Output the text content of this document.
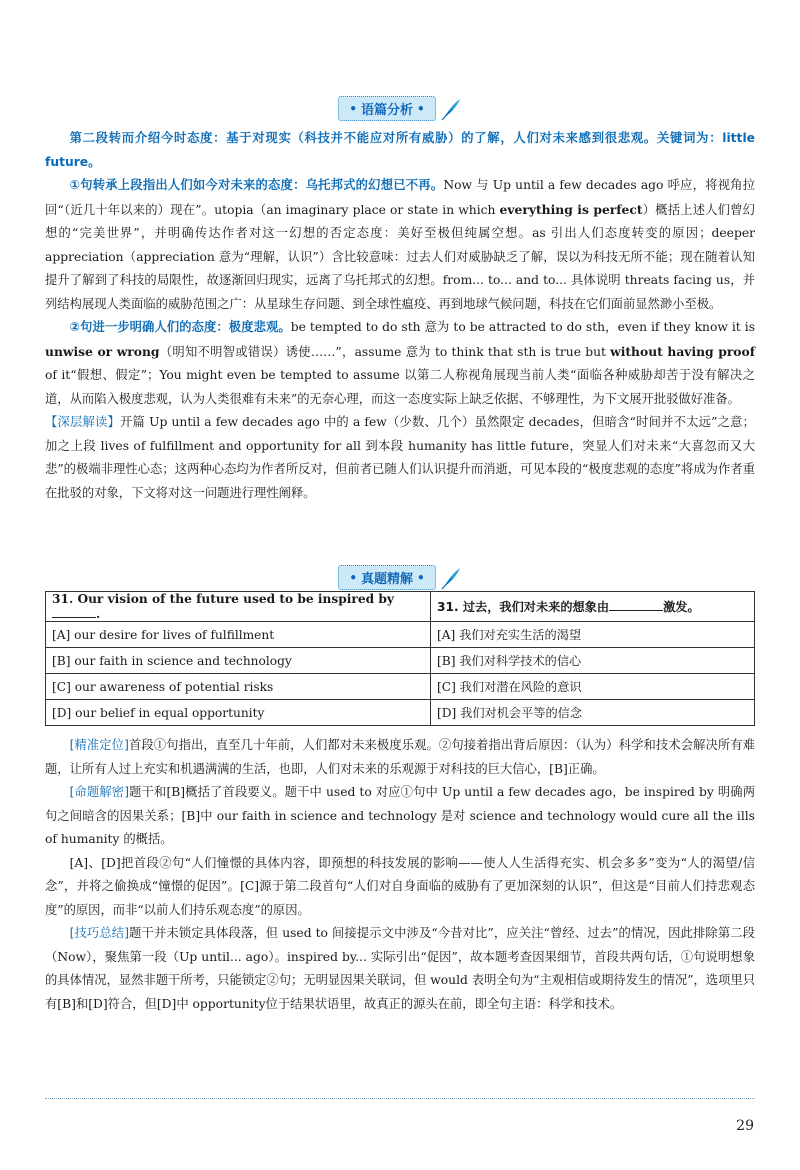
• 语篇分析 •

第二段转而介绍今时态度：基于对现实（科技并不能应对所有威胁）的了解，人们对未来感到很悲观。关键词为：little future。

①句转承上段指出人们如今对未来的态度：乌托邦式的幻想已不再。Now 与 Up until a few decades ago 呼应，将视角拉回“（近几十年以来的）现在”。utopia（an imaginary place or state in which everything is perfect）概括上述人们曾幻想的“完美世界”，并明确传达作者对这一幻想的否定态度：美好至极但纯属空想。as 引出人们态度转变的原因；deeper appreciation（appreciation 意为“理解，认识”）含比较意味：过去人们对威胁缺乏了解，误以为科技无所不能；现在随着认知提升了解到了科技的局限性，故逐渐回归现实，远离了乌托邦式的幻想。from... to... and to... 具体说明 threats facing us，并列结构展现人类面临的威胁范围之广：从星球生存问题、到全球性瘟疫、再到地球气候问题，科技在它们面前显然渺小至极。

②句进一步明确人们的态度：极度悲观。be tempted to do sth 意为 to be attracted to do sth，even if they know it is unwise or wrong（明知不明智或错误）诱使……”，assume 意为 to think that sth is true but without having proof of it“假想、假定”；You might even be tempted to assume 以第二人称视角展现当前人类“面临各种威胁却苦于没有解决之道，从而陷入极度悲观，认为人类很难有未来”的无奈心理，而这一态度实际上缺乏依据、不够理性，为下文展开批驳做好准备。

【深层解读】开篇 Up until a few decades ago 中的 a few（少数、几个）虽然限定 decades，但暗含“时间并不太远”之意；加之上段 lives of fulfillment and opportunity for all 到本段 humanity has little future，突显人们对未来“大喜忽而又大悲”的极端非理性心态；这两种心态均为作者所反对，但前者已随人们认识提升而消逝，可见本段的“极度悲观的态度”将成为作者重在批驳的对象，下文将对这一问题进行理性阐释。

• 真题精解 •
31. Our vision of the future used to be inspired by .	31. 过去，我们对未来的想象由 激发。
[A] our desire for lives of fulfillment	[A] 我们对充实生活的渴望
[B] our faith in science and technology	[B] 我们对科学技术的信心
[C] our awareness of potential risks	[C] 我们对潜在风险的意识
[D] our belief in equal opportunity	[D] 我们对机会平等的信念

[精准定位]首段①句指出，直至几十年前，人们都对未来极度乐观。②句接着指出背后原因：（认为）科学和技术会解决所有难题，让所有人过上充实和机遇满满的生活，也即，人们对未来的乐观源于对科技的巨大信心，[B]正确。

[命题解密]题干和[B]概括了首段要义。题干中 used to 对应①句中 Up until a few decades ago，be inspired by 明确两句之间暗含的因果关系；[B]中 our faith in science and technology 是对 science and technology would cure all the ills of humanity 的概括。

[A]、[D]把首段②句“人们憧憬的具体内容，即预想的科技发展的影响——使人人生活得充实、机会多多”变为“人的渴望/信念”，并将之偷换成“憧憬的促因”。[C]源于第二段首句“人们对自身面临的威胁有了更加深刻的认识”，但这是“目前人们持悲观态度”的原因，而非“以前人们持乐观态度”的原因。

[技巧总结]题干并未锁定具体段落，但 used to 间接提示文中涉及“今昔对比”，应关注“曾经、过去”的情况，因此排除第二段（Now），聚焦第一段（Up until... ago）。inspired by... 实际引出“促因”，故本题考查因果细节，首段共两句话，①句说明想象的具体情况，显然非题干所考，只能锁定②句；无明显因果关联词，但 would 表明全句为“主观相信或期待发生的情况”，选项里只有[B]和[D]符合，但[D]中 opportunity位于结果状语里，故真正的源头在前，即全句主语：科学和技术。

29
